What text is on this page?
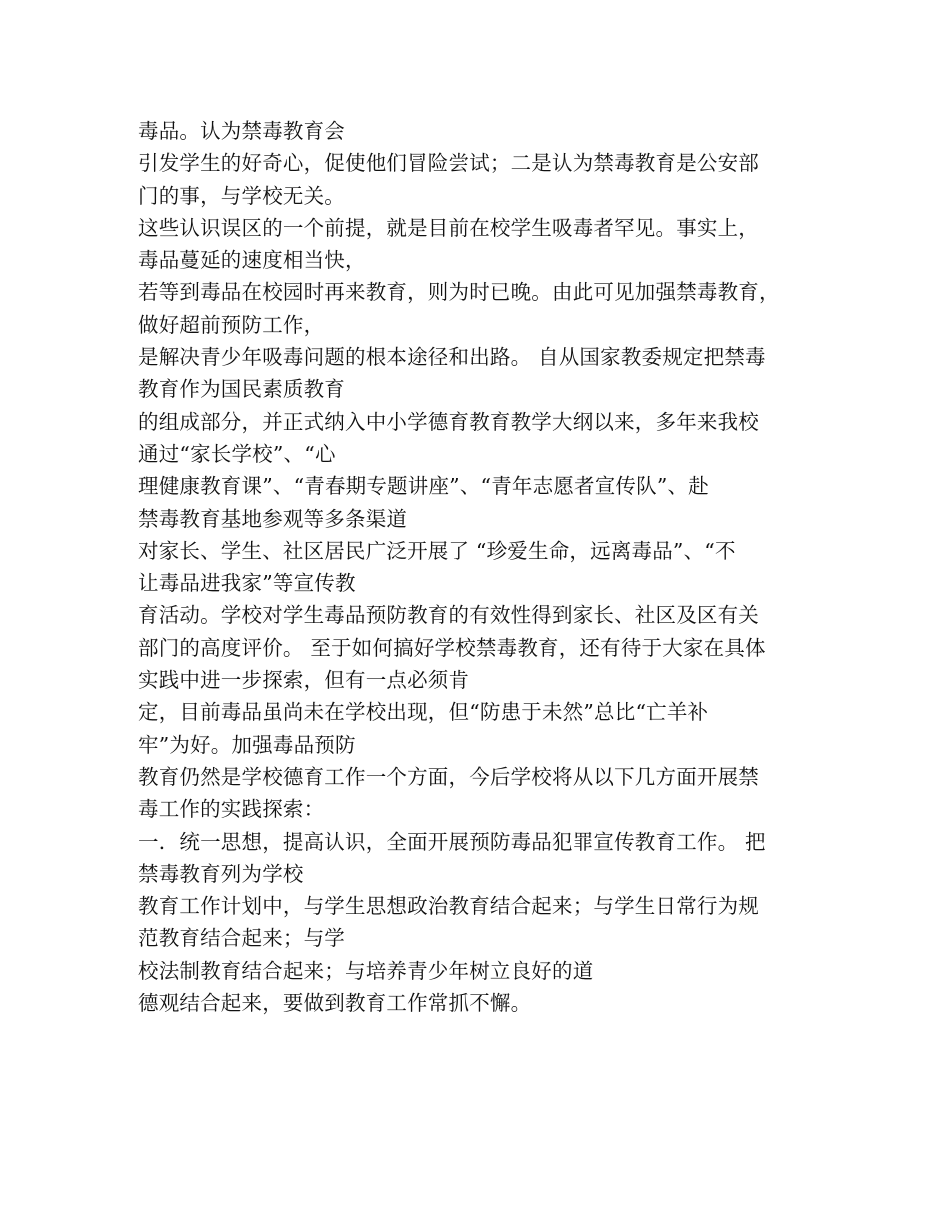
毒品。认为禁毒教育会
引发学生的好奇心，促使他们冒险尝试；二是认为禁毒教育是公安部
门的事，与学校无关。
这些认识误区的一个前提，就是目前在校学生吸毒者罕见。事实上，
毒品蔓延的速度相当快，
若等到毒品在校园时再来教育，则为时已晚。由此可见加强禁毒教育，
做好超前预防工作，
是解决青少年吸毒问题的根本途径和出路。 自从国家教委规定把禁毒
教育作为国民素质教育
的组成部分，并正式纳入中小学德育教育教学大纲以来，多年来我校
通过“家长学校”、“心
理健康教育课”、“青春期专题讲座”、“青年志愿者宣传队”、赴
禁毒教育基地参观等多条渠道
对家长、学生、社区居民广泛开展了 “珍爱生命，远离毒品”、“不
让毒品进我家”等宣传教
育活动。学校对学生毒品预防教育的有效性得到家长、社区及区有关
部门的高度评价。 至于如何搞好学校禁毒教育，还有待于大家在具体
实践中进一步探索，但有一点必须肯
定，目前毒品虽尚未在学校出现，但“防患于未然”总比“亡羊补
牢”为好。加强毒品预防
教育仍然是学校德育工作一个方面，今后学校将从以下几方面开展禁
毒工作的实践探索：
一．统一思想，提高认识，全面开展预防毒品犯罪宣传教育工作。 把
禁毒教育列为学校
教育工作计划中，与学生思想政治教育结合起来；与学生日常行为规
范教育结合起来；与学
校法制教育结合起来；与培养青少年树立良好的道
德观结合起来，要做到教育工作常抓不懈。
